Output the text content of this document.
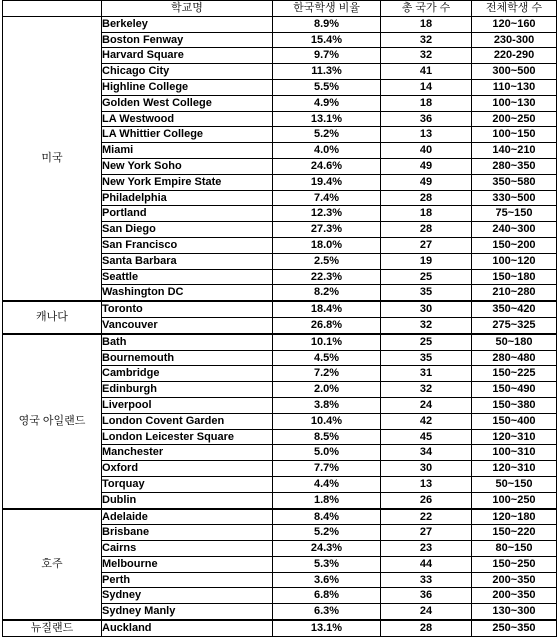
	학교명	한국학생 비율	총 국가 수	전체학생 수
미국	Berkeley	8.9%	18	120~160
	Boston Fenway	15.4%	32	230-300
	Harvard Square	9.7%	32	220-290
	Chicago City	11.3%	41	300~500
	Highline College	5.5%	14	110~130
	Golden West College	4.9%	18	100~130
	LA Westwood	13.1%	36	200~250
	LA Whittier College	5.2%	13	100~150
	Miami	4.0%	40	140~210
	New York Soho	24.6%	49	280~350
	New York Empire State	19.4%	49	350~580
	Philadelphia	7.4%	28	330~500
	Portland	12.3%	18	75~150
	San Diego	27.3%	28	240~300
	San Francisco	18.0%	27	150~200
	Santa Barbara	2.5%	19	100~120
	Seattle	22.3%	25	150~180
	Washington DC	8.2%	35	210~280
캐나다	Toronto	18.4%	30	350~420
	Vancouver	26.8%	32	275~325
영국 아일랜드	Bath	10.1%	25	50~180
	Bournemouth	4.5%	35	280~480
	Cambridge	7.2%	31	150~225
	Edinburgh	2.0%	32	150~490
	Liverpool	3.8%	24	150~380
	London Covent Garden	10.4%	42	150~400
	London Leicester Square	8.5%	45	120~310
	Manchester	5.0%	34	100~310
	Oxford	7.7%	30	120~310
	Torquay	4.4%	13	50~150
	Dublin	1.8%	26	100~250
호주	Adelaide	8.4%	22	120~180
	Brisbane	5.2%	27	150~220
	Cairns	24.3%	23	80~150
	Melbourne	5.3%	44	150~250
	Perth	3.6%	33	200~350
	Sydney	6.8%	36	200~350
	Sydney Manly	6.3%	24	130~300
뉴질랜드	Auckland	13.1%	28	250~350
